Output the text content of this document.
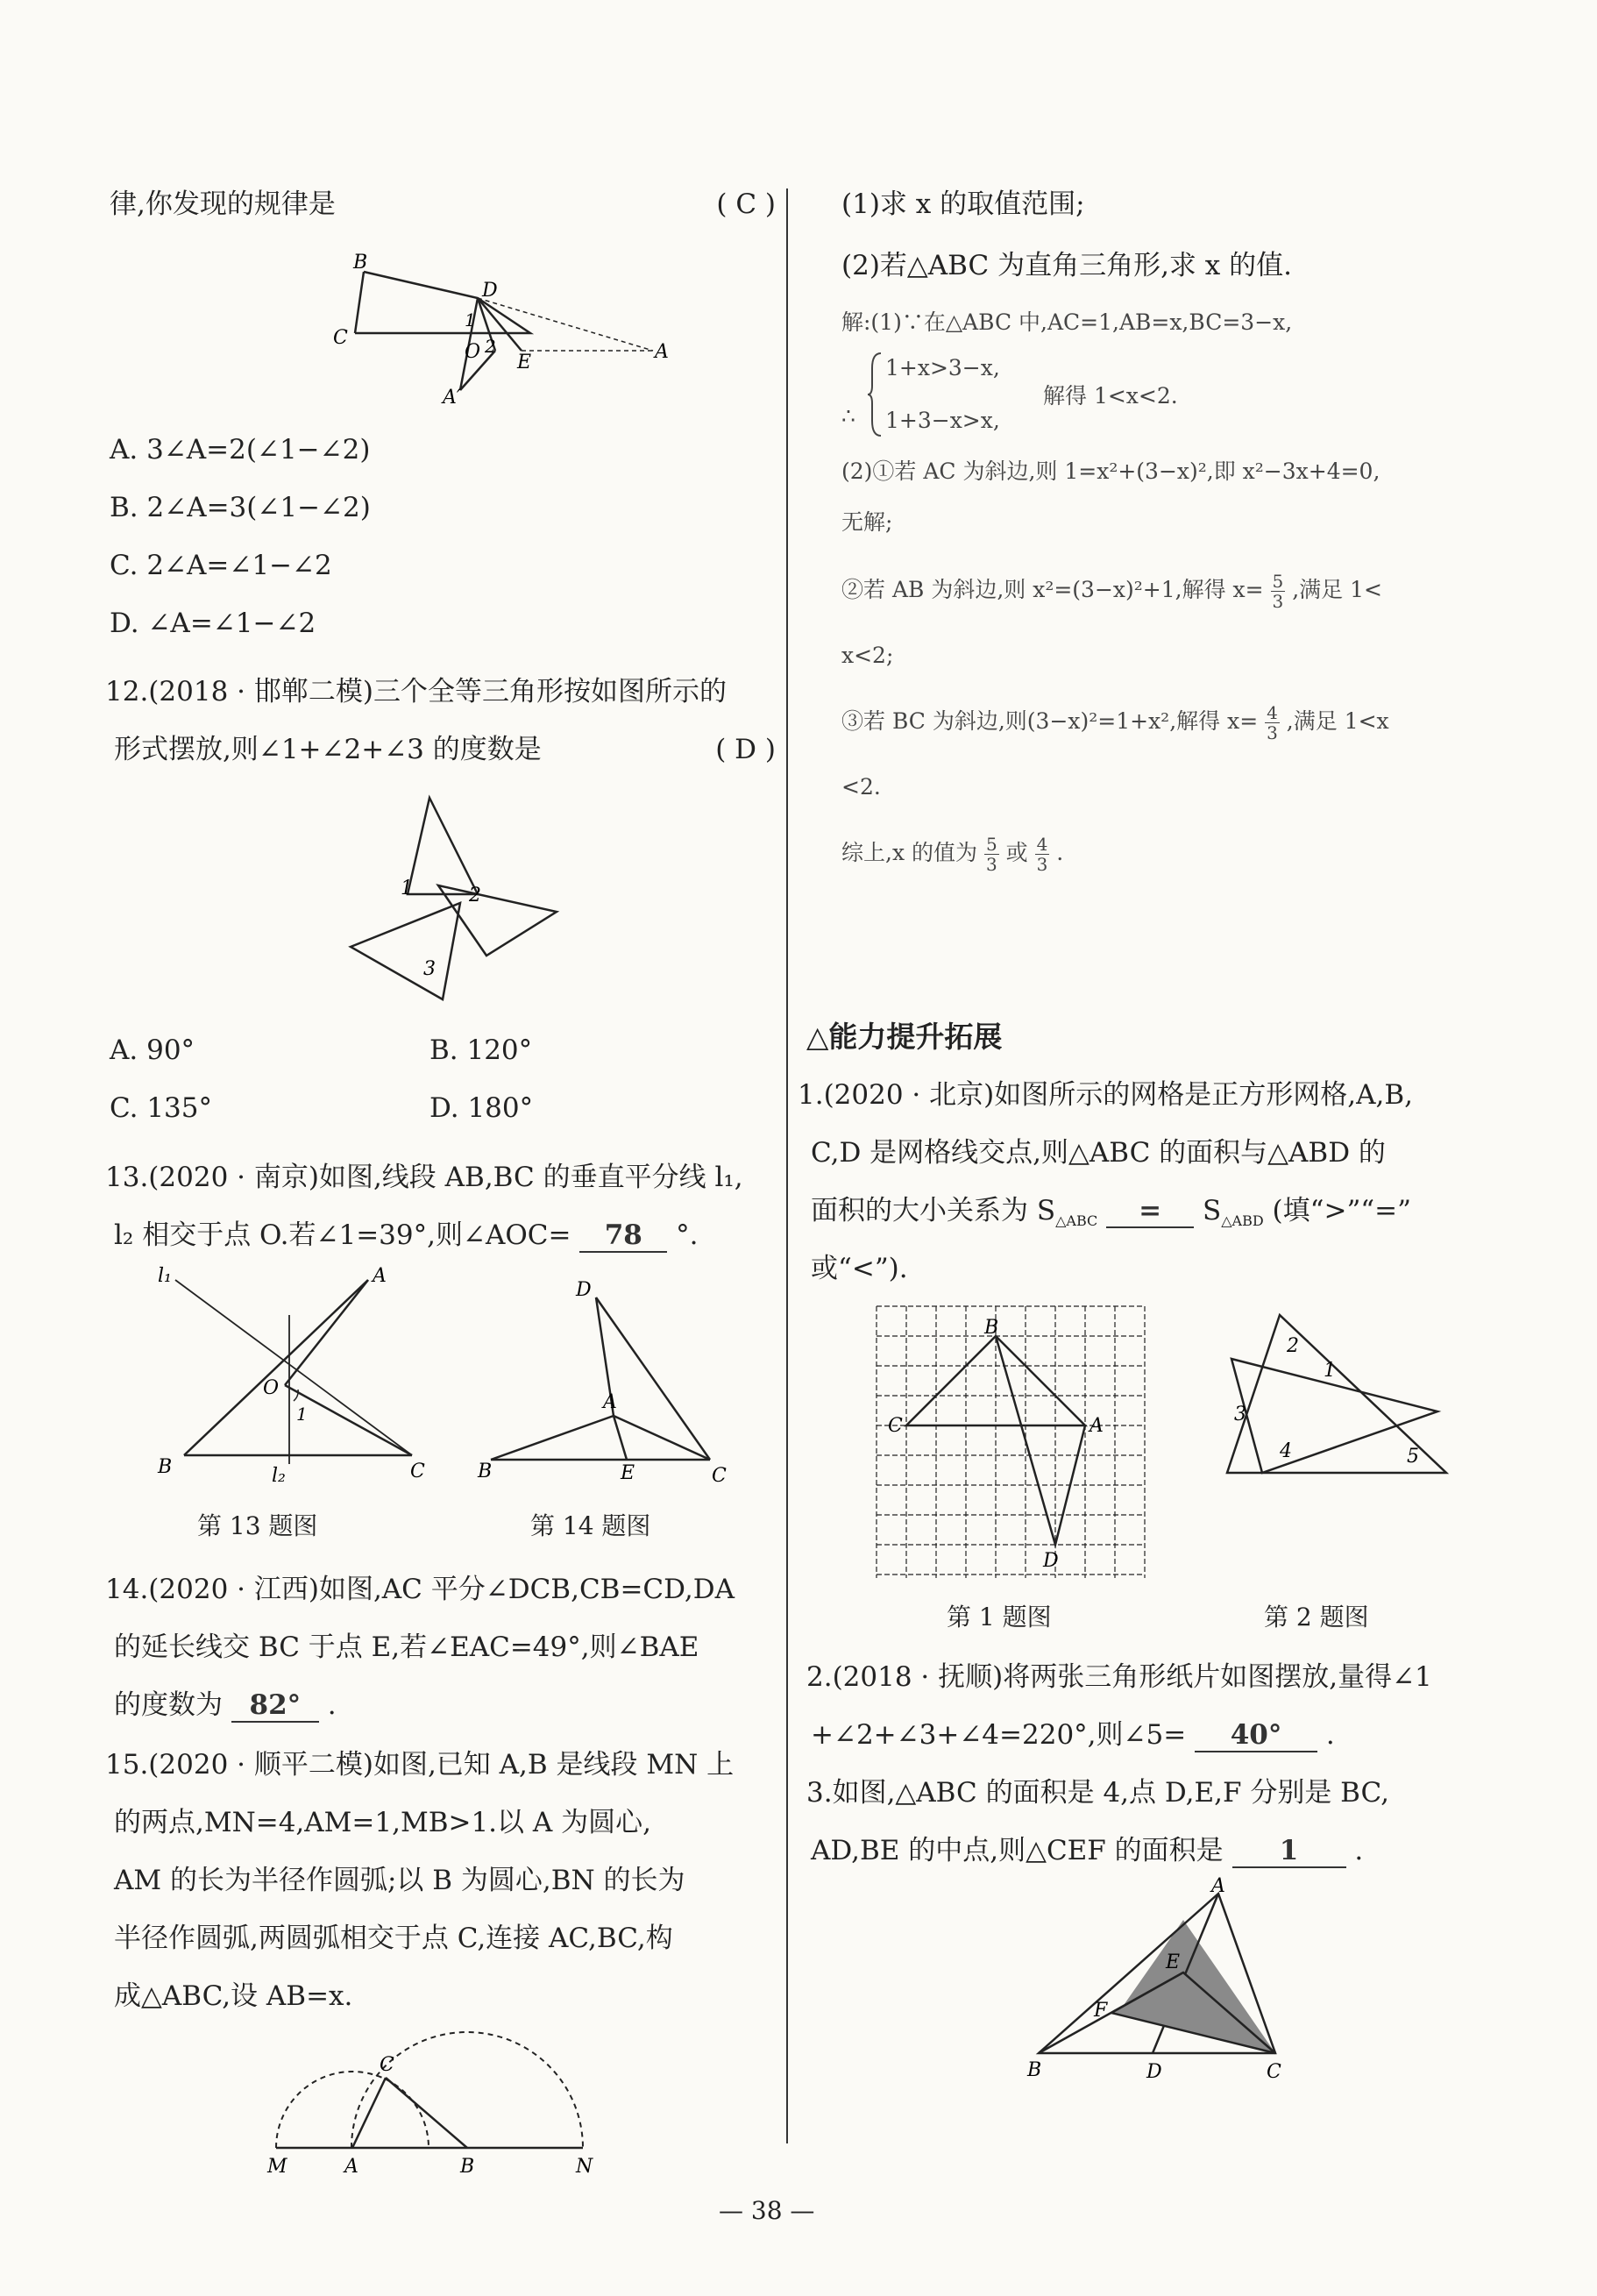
律,你发现的规律是	( C )
B
D
1
C
O 2
E	A
A′
A. 3∠A=2(∠1−∠2)
B. 2∠A=3(∠1−∠2)
C. 2∠A=∠1−∠2
D. ∠A=∠1−∠2
12.(2018 · 邯郸二模)三个全等三角形按如图所示的
形式摆放,则∠1+∠2+∠3 的度数是	( D )
1	2
3
A. 90°	B. 120°
C. 135°	D. 180°
13.(2020 · 南京)如图,线段 AB,BC 的垂直平分线 l₁,
l₂ 相交于点 O.若∠1=39°,则∠AOC= 78 °.
l₁	A
O
1
B	l₂	C
D
A
B	E	C
第 13 题图	第 14 题图
14.(2020 · 江西)如图,AC 平分∠DCB,CB=CD,DA
的延长线交 BC 于点 E,若∠EAC=49°,则∠BAE
的度数为 82° .
15.(2020 · 顺平二模)如图,已知 A,B 是线段 MN 上
的两点,MN=4,AM=1,MB>1.以 A 为圆心,
AM 的长为半径作圆弧;以 B 为圆心,BN 的长为
半径作圆弧,两圆弧相交于点 C,连接 AC,BC,构
成△ABC,设 AB=x.
C
M	A	B	N
(1)求 x 的取值范围;
(2)若△ABC 为直角三角形,求 x 的值.
解:(1)∵在△ABC 中,AC=1,AB=x,BC=3−x,
∴
1+x>3−x,
1+3−x>x,
解得 1<x<2.
(2)①若 AC 为斜边,则 1=x²+(3−x)²,即 x²−3x+4=0,
无解;
②若 AB 为斜边,则 x²=(3−x)²+1,解得 $x= \frac{5}{3}$ ,满足 1<
x<2;
③若 BC 为斜边,则(3−x)²=1+x²,解得 $x= \frac{4}{3}$ ,满足 1<x
<2.
综上,x 的值为 $\frac{5}{3}$ 或 $\frac{4}{3}$ .
△能力提升拓展
1.(2020 · 北京)如图所示的网格是正方形网格,A,B,
C,D 是网格线交点,则△ABC 的面积与△ABD 的
面积的大小关系为 $S_{\triangle ABC} = S_{\triangle ABD}$ (填“>”“=”
或“<”).
B
C	A
D
2
1
3
4	5
第 1 题图	第 2 题图
2.(2018 · 抚顺)将两张三角形纸片如图摆放,量得∠1
+∠2+∠3+∠4=220°,则∠5= 40° .
3.如图,△ABC 的面积是 4,点 D,E,F 分别是 BC,
AD,BE 的中点,则△CEF 的面积是 1 .
A
E
F
B	D	C
— 38 —
